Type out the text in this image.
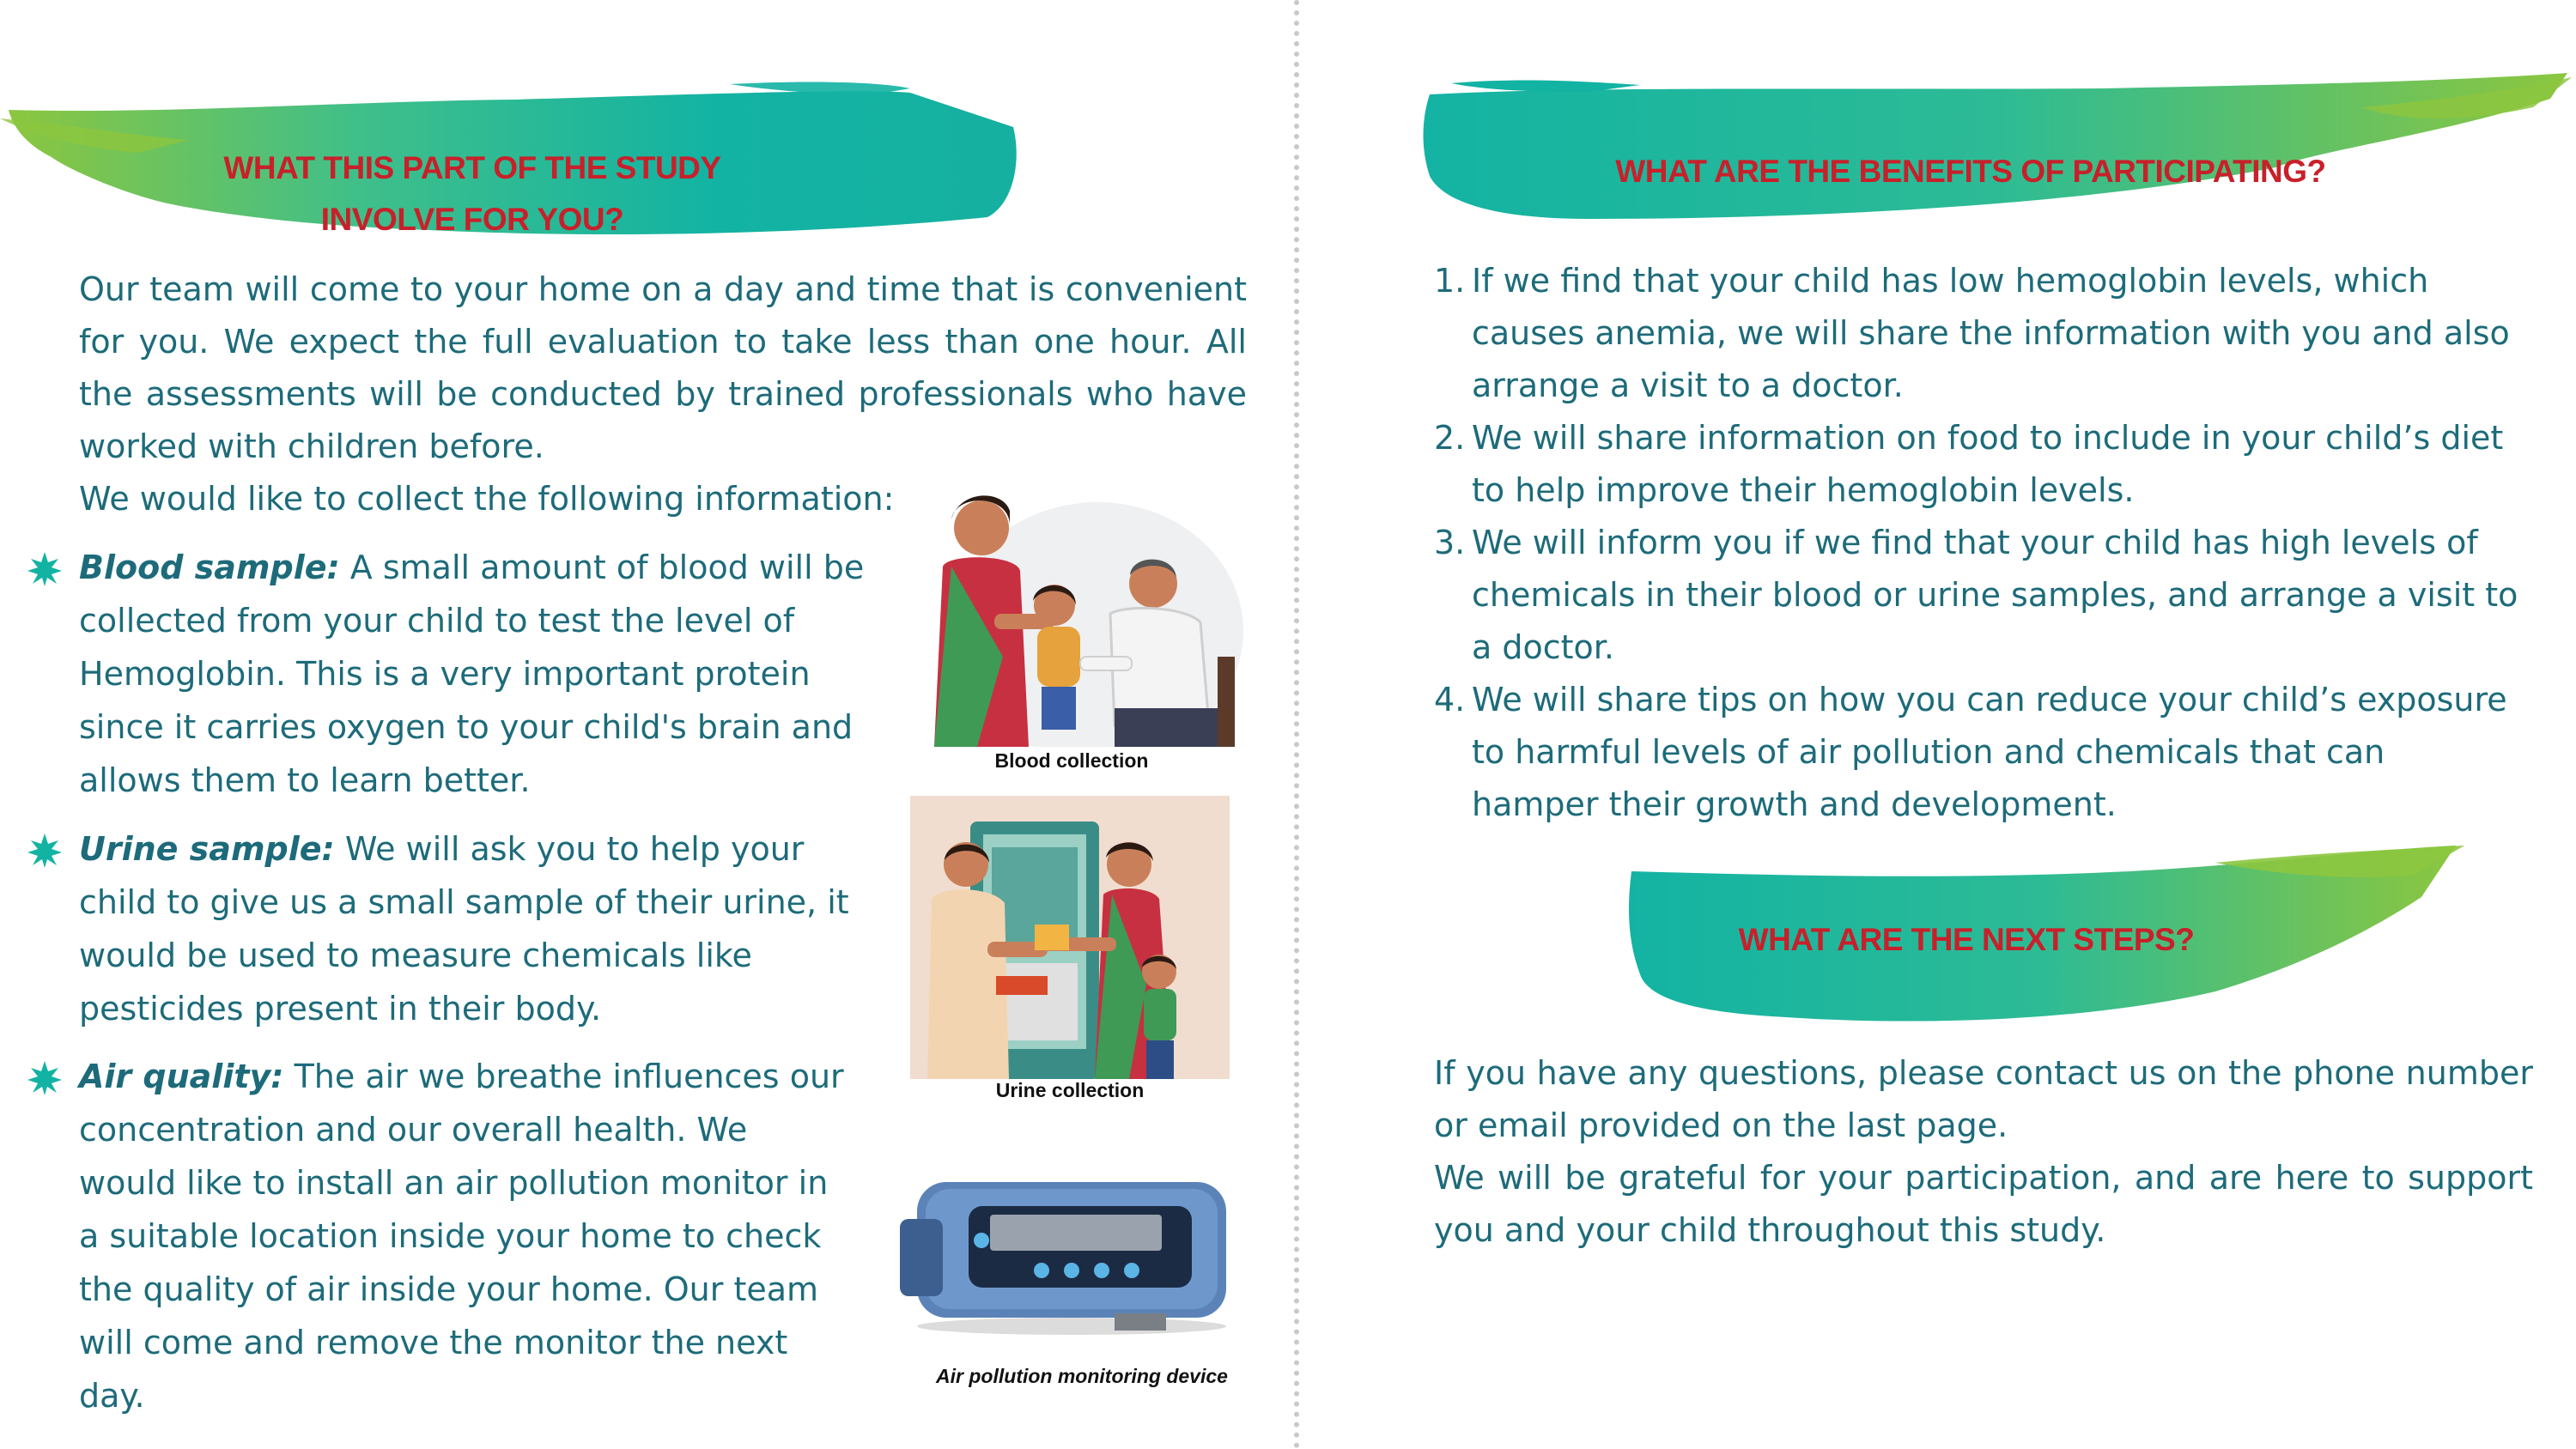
WHAT THIS PART OF THE STUDY
INVOLVE FOR YOU?
Our team will come to your home on a day and time that is convenient for you. We expect the full evaluation to take less than one hour. All the assessments will be conducted by trained professionals who have worked with children before.
We would like to collect the following information:
Blood sample: A small amount of blood will be collected from your child to test the level of Hemoglobin. This is a very important protein since it carries oxygen to your child's brain and allows them to learn better.
Urine sample: We will ask you to help your child to give us a small sample of their urine, it would be used to measure chemicals like pesticides present in their body.
Air quality: The air we breathe influences our concentration and our overall health. We would like to install an air pollution monitor in a suitable location inside your home to check the quality of air inside your home. Our team will come and remove the monitor the next day.
Blood collection
Urine collection
Air pollution monitoring device
WHAT ARE THE BENEFITS OF PARTICIPATING?
1. If we find that your child has low hemoglobin levels, which causes anemia, we will share the information with you and also arrange a visit to a doctor.
2. We will share information on food to include in your child’s diet to help improve their hemoglobin levels.
3. We will inform you if we find that your child has high levels of chemicals in their blood or urine samples, and arrange a visit to a doctor.
4. We will share tips on how you can reduce your child’s exposure to harmful levels of air pollution and chemicals that can hamper their growth and development.
WHAT ARE THE NEXT STEPS?
If you have any questions, please contact us on the phone number or email provided on the last page.
We will be grateful for your participation, and are here to support you and your child throughout this study.
